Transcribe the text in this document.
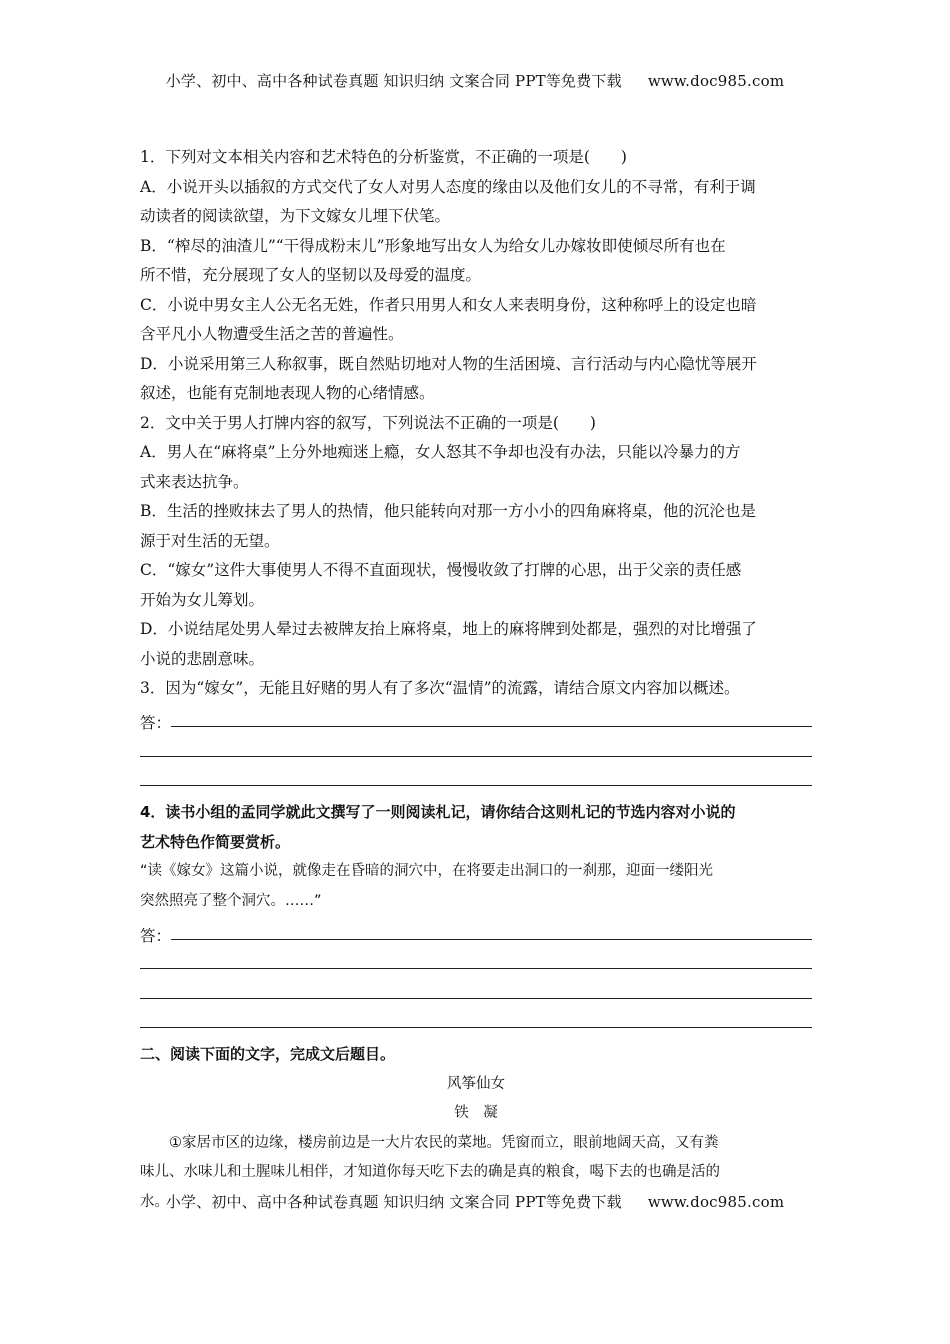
小学、初中、高中各种试卷真题 知识归纳 文案合同 PPT等免费下载 www.doc985.com
1．下列对文本相关内容和艺术特色的分析鉴赏，不正确的一项是(　　)
A．小说开头以插叙的方式交代了女人对男人态度的缘由以及他们女儿的不寻常，有利于调
动读者的阅读欲望，为下文嫁女儿埋下伏笔。
B．“榨尽的油渣儿”“干得成粉末儿”形象地写出女人为给女儿办嫁妆即使倾尽所有也在
所不惜，充分展现了女人的坚韧以及母爱的温度。
C．小说中男女主人公无名无姓，作者只用男人和女人来表明身份，这种称呼上的设定也暗
含平凡小人物遭受生活之苦的普遍性。
D．小说采用第三人称叙事，既自然贴切地对人物的生活困境、言行活动与内心隐忧等展开
叙述，也能有克制地表现人物的心绪情感。
2．文中关于男人打牌内容的叙写，下列说法不正确的一项是(　　)
A．男人在“麻将桌”上分外地痴迷上瘾，女人怒其不争却也没有办法，只能以冷暴力的方
式来表达抗争。
B．生活的挫败抹去了男人的热情，他只能转向对那一方小小的四角麻将桌，他的沉沦也是
源于对生活的无望。
C．“嫁女”这件大事使男人不得不直面现状，慢慢收敛了打牌的心思，出于父亲的责任感
开始为女儿筹划。
D．小说结尾处男人晕过去被牌友抬上麻将桌，地上的麻将牌到处都是，强烈的对比增强了
小说的悲剧意味。
3．因为“嫁女”，无能且好赌的男人有了多次“温情”的流露，请结合原文内容加以概述。
答：
4．读书小组的孟同学就此文撰写了一则阅读札记，请你结合这则札记的节选内容对小说的
艺术特色作简要赏析。
“读《嫁女》这篇小说，就像走在昏暗的洞穴中，在将要走出洞口的一刹那，迎面一缕阳光
突然照亮了整个洞穴。……”
答：
二、阅读下面的文字，完成文后题目。
风筝仙女
铁　凝
①家居市区的边缘，楼房前边是一大片农民的菜地。凭窗而立，眼前地阔天高，又有粪
味儿、水味儿和土腥味儿相伴，才知道你每天吃下去的确是真的粮食，喝下去的也确是活的
水。
小学、初中、高中各种试卷真题 知识归纳 文案合同 PPT等免费下载 www.doc985.com
